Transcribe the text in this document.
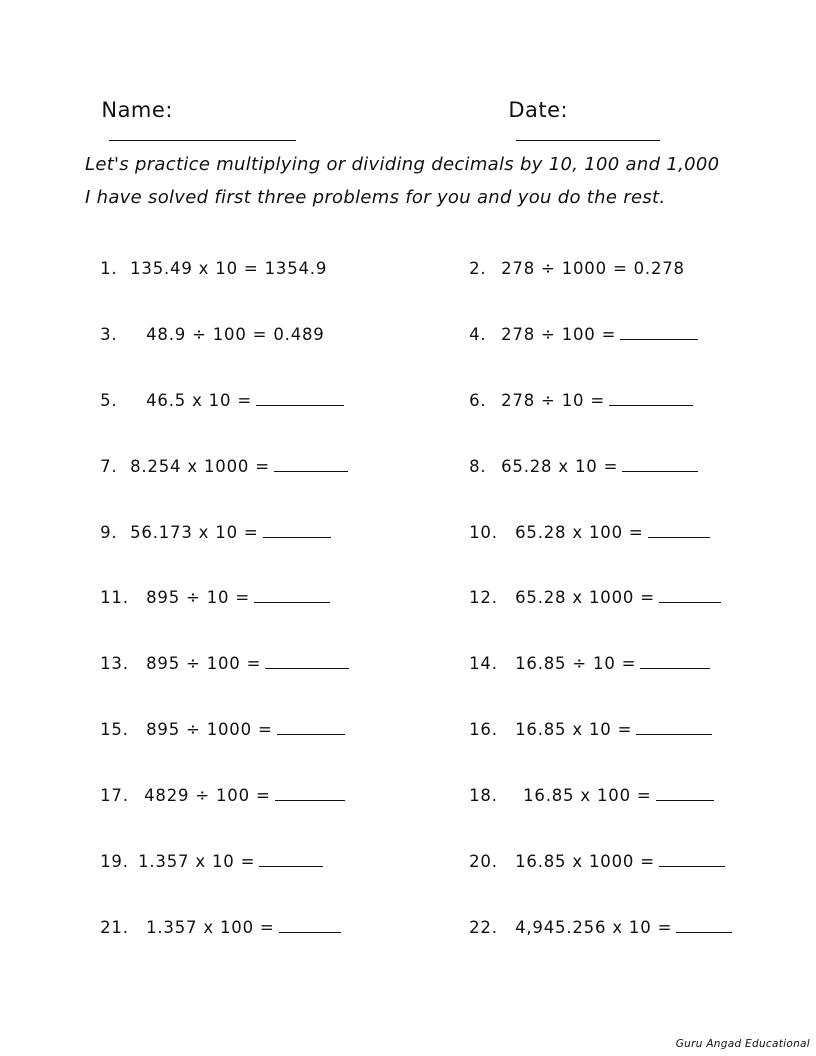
Name:
	Date:

Let's practice multiplying or dividing decimals by 10, 100 and 1,000
I have solved first three problems for you and you do the rest.

1. 135.49 x 10 = 1354.9

3. 48.9 ÷ 100 = 0.489

5. 46.5 x 10 =

7. 8.254 x 1000 =

9. 56.173 x 10 =

11. 895 ÷ 10 =

13. 895 ÷ 100 =

15. 895 ÷ 1000 =

17. 4829 ÷ 100 =

19. 1.357 x 10 =

21. 1.357 x 100 =

2. 278 ÷ 1000 = 0.278

4. 278 ÷ 100 =

6. 278 ÷ 10 =

8. 65.28 x 10 =

10. 65.28 x 100 =

12. 65.28 x 1000 =

14. 16.85 ÷ 10 =

16. 16.85 x 10 =

18. 16.85 x 100 =

20. 16.85 x 1000 =

22. 4,945.256 x 10 =

Guru Angad Educational
